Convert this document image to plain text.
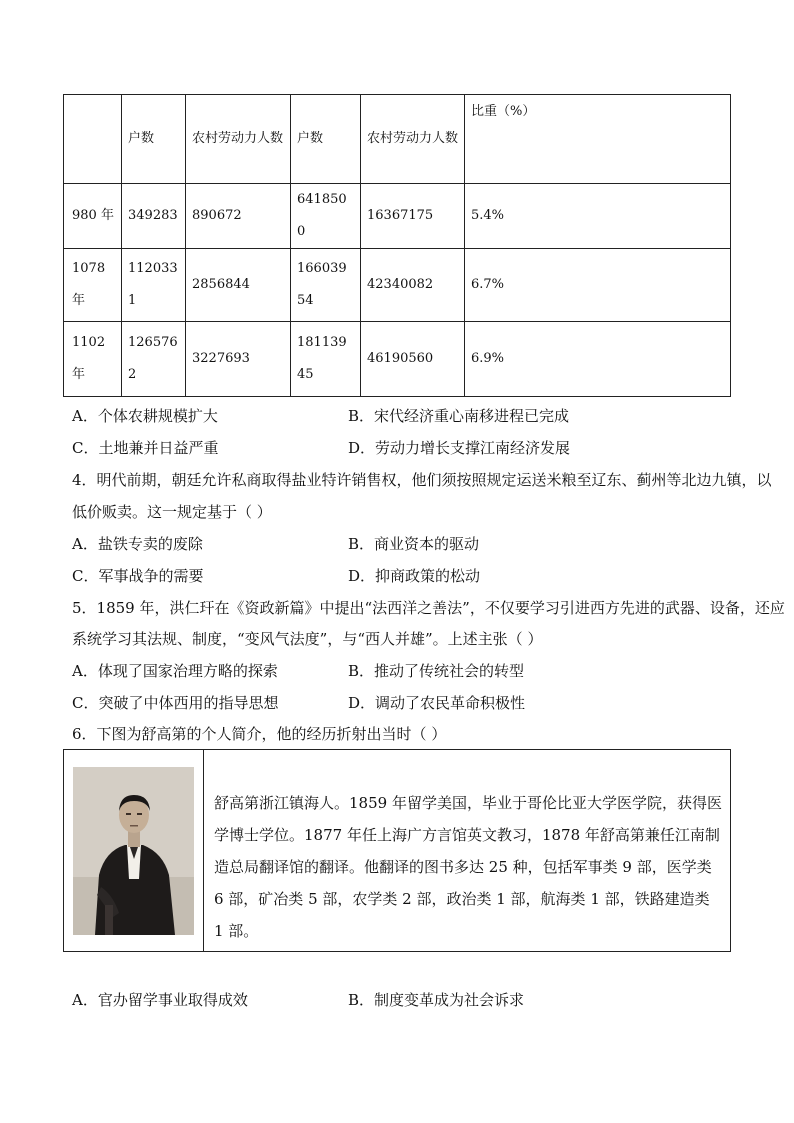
	户数	农村劳动力人数	户数	农村劳动力人数	比重（%）
980 年	349283	890672	6418500	16367175	5.4%
1078 年	1120331	2856844	16603954	42340082	6.7%
1102 年	1265762	3227693	18113945	46190560	6.9%
A．个体农耕规模扩大	B．宋代经济重心南移进程已完成
C．土地兼并日益严重	D．劳动力增长支撑江南经济发展
4．明代前期，朝廷允许私商取得盐业特许销售权，他们须按照规定运送米粮至辽东、蓟州等北边九镇，以
低价贩卖。这一规定基于（ ）
A．盐铁专卖的废除	B．商业资本的驱动
C．军事战争的需要	D．抑商政策的松动
5．1859 年，洪仁玕在《资政新篇》中提出“法西洋之善法”，不仅要学习引进西方先进的武器、设备，还应
系统学习其法规、制度，“变风气法度”，与“西人并雄”。上述主张（ ）
A．体现了国家治理方略的探索	B．推动了传统社会的转型
C．突破了中体西用的指导思想	D．调动了农民革命积极性
6．下图为舒高第的个人简介，他的经历折射出当时（ ）
舒高第浙江镇海人。1859 年留学美国，毕业于哥伦比亚大学医学院，获得医学博士学位。1877 年任上海广方言馆英文教习，1878 年舒高第兼任江南制造总局翻译馆的翻译。他翻译的图书多达 25 种，包括军事类 9 部，医学类 6 部，矿冶类 5 部，农学类 2 部，政治类 1 部，航海类 1 部，铁路建造类 1 部。
A．官办留学事业取得成效	B．制度变革成为社会诉求
